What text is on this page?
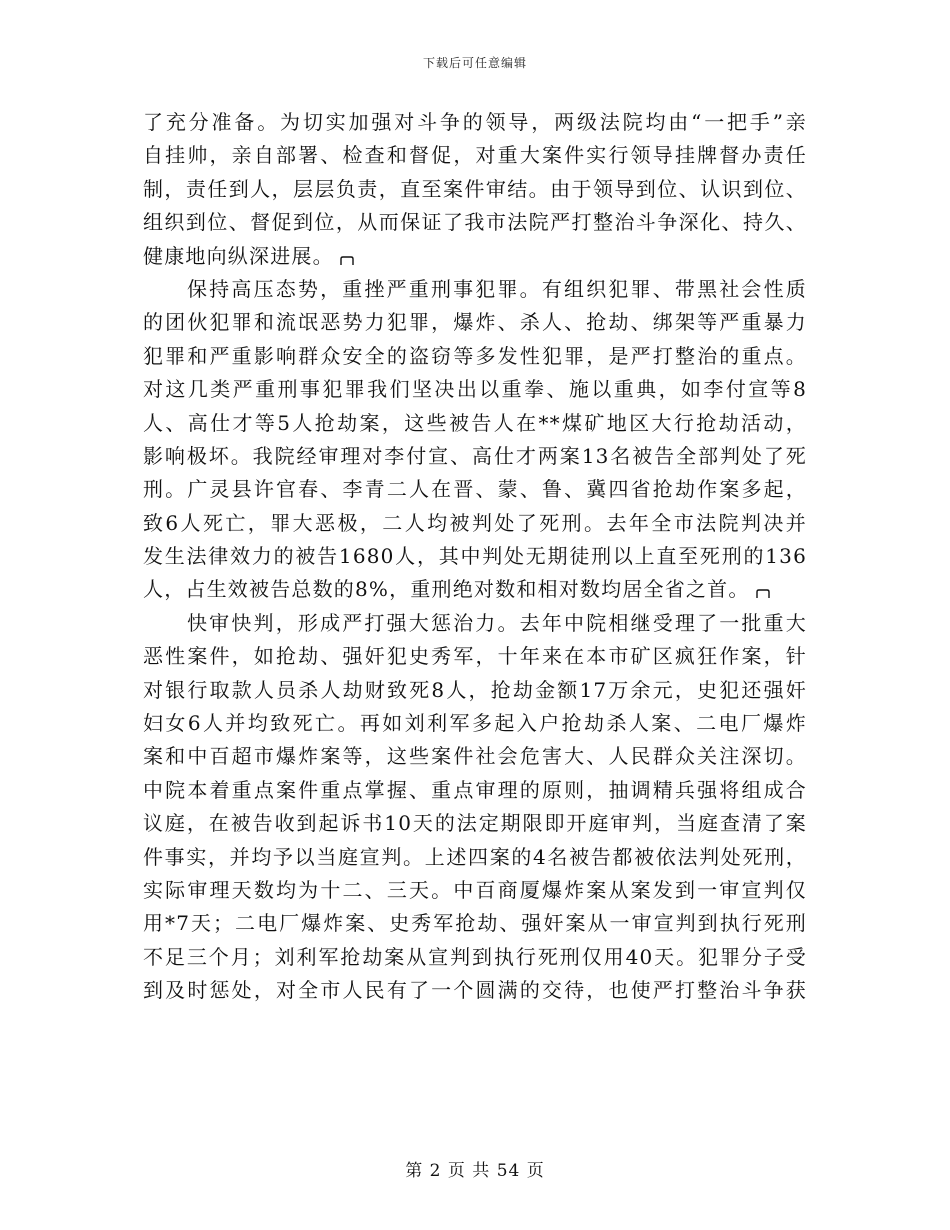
下载后可任意编辑
了充分准备。为切实加强对斗争的领导，两级法院均由“一把手”亲
自挂帅，亲自部署、检查和督促，对重大案件实行领导挂牌督办责任
制，责任到人，层层负责，直至案件审结。由于领导到位、认识到位、
组织到位、督促到位，从而保证了我市法院严打整治斗争深化、持久、
健康地向纵深进展。
保持高压态势，重挫严重刑事犯罪。有组织犯罪、带黑社会性质
的团伙犯罪和流氓恶势力犯罪，爆炸、杀人、抢劫、绑架等严重暴力
犯罪和严重影响群众安全的盗窃等多发性犯罪，是严打整治的重点。
对这几类严重刑事犯罪我们坚决出以重拳、施以重典，如李付宣等8
人、高仕才等5人抢劫案，这些被告人在**煤矿地区大行抢劫活动，
影响极坏。我院经审理对李付宣、高仕才两案13名被告全部判处了死
刑。广灵县许官春、李青二人在晋、蒙、鲁、冀四省抢劫作案多起，
致6人死亡，罪大恶极，二人均被判处了死刑。去年全市法院判决并
发生法律效力的被告1680人，其中判处无期徒刑以上直至死刑的136
人，占生效被告总数的8%，重刑绝对数和相对数均居全省之首。
快审快判，形成严打强大惩治力。去年中院相继受理了一批重大
恶性案件，如抢劫、强奸犯史秀军，十年来在本市矿区疯狂作案，针
对银行取款人员杀人劫财致死8人，抢劫金额17万余元，史犯还强奸
妇女6人并均致死亡。再如刘利军多起入户抢劫杀人案、二电厂爆炸
案和中百超市爆炸案等，这些案件社会危害大、人民群众关注深切。
中院本着重点案件重点掌握、重点审理的原则，抽调精兵强将组成合
议庭，在被告收到起诉书10天的法定期限即开庭审判，当庭查清了案
件事实，并均予以当庭宣判。上述四案的4名被告都被依法判处死刑，
实际审理天数均为十二、三天。中百商厦爆炸案从案发到一审宣判仅
用*7天；二电厂爆炸案、史秀军抢劫、强奸案从一审宣判到执行死刑
不足三个月；刘利军抢劫案从宣判到执行死刑仅用40天。犯罪分子受
到及时惩处，对全市人民有了一个圆满的交待，也使严打整治斗争获
第 2 页 共 54 页
